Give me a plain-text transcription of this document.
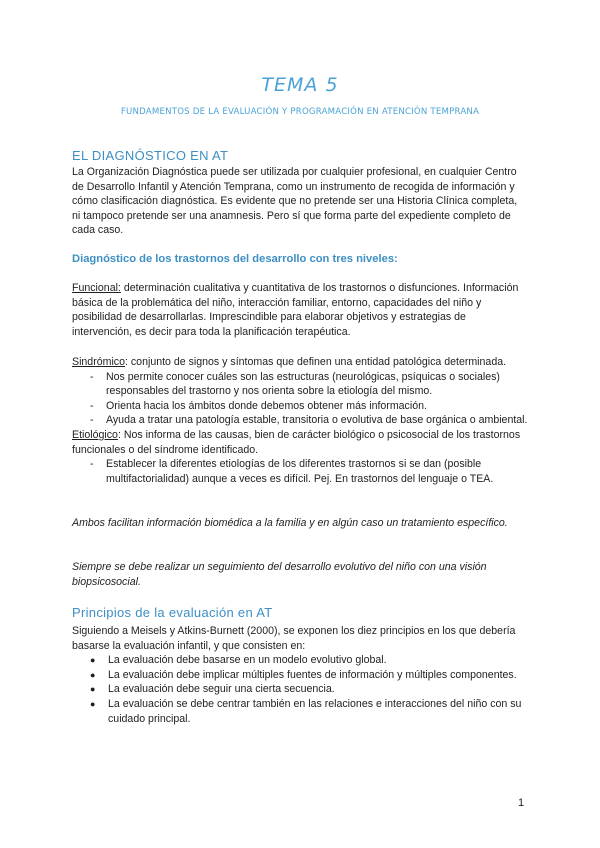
TEMA 5
FUNDAMENTOS DE LA EVALUACIÓN Y PROGRAMACIÓN EN ATENCIÓN TEMPRANA
EL DIAGNÓSTICO EN AT
La Organización Diagnóstica puede ser utilizada por cualquier profesional, en cualquier Centro de Desarrollo Infantil y Atención Temprana, como un instrumento de recogida de información y cómo clasificación diagnóstica. Es evidente que no pretende ser una Historia Clínica completa, ni tampoco pretende ser una anamnesis. Pero sí que forma parte del expediente completo de cada caso.
Diagnóstico de los trastornos del desarrollo con tres niveles:
Funcional: determinación cualitativa y cuantitativa de los trastornos o disfunciones. Información básica de la problemática del niño, interacción familiar, entorno, capacidades del niño y posibilidad de desarrollarlas. Imprescindible para elaborar objetivos y estrategias de intervención, es decir para toda la planificación terapéutica.
Sindrómico: conjunto de signos y síntomas que definen una entidad patológica determinada.
- Nos permite conocer cuáles son las estructuras (neurológicas, psíquicas o sociales) responsables del trastorno y nos orienta sobre la etiología del mismo.
- Orienta hacia los ámbitos donde debemos obtener más información.
- Ayuda a tratar una patología estable, transitoria o evolutiva de base orgánica o ambiental.
Etiológico: Nos informa de las causas, bien de carácter biológico o psicosocial de los trastornos funcionales o del síndrome identificado.
- Establecer la diferentes etiologías de los diferentes trastornos si se dan (posible multifactorialidad) aunque a veces es difícil. Pej. En trastornos del lenguaje o TEA.
Ambos facilitan información biomédica a la familia y en algún caso un tratamiento específico.
Siempre se debe realizar un seguimiento del desarrollo evolutivo del niño con una visión biopsicosocial.
Principios de la evaluación en AT
Siguiendo a Meisels y Atkins-Burnett (2000), se exponen los diez principios en los que debería basarse la evaluación infantil, y que consisten en:
● La evaluación debe basarse en un modelo evolutivo global.
● La evaluación debe implicar múltiples fuentes de información y múltiples componentes.
● La evaluación debe seguir una cierta secuencia.
● La evaluación se debe centrar también en las relaciones e interacciones del niño con su cuidado principal.
1
